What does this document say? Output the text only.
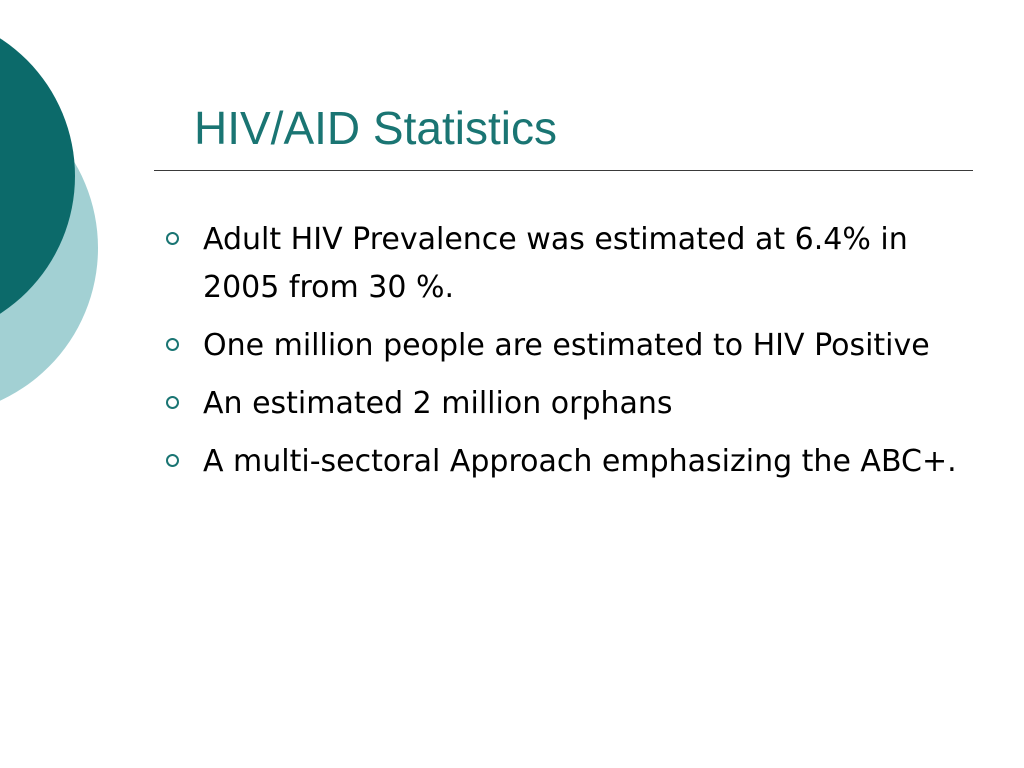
HIV/AID Statistics
Adult HIV Prevalence was estimated at 6.4% in 2005 from 30 %.
One million people are estimated to HIV Positive
An estimated 2 million orphans
A multi-sectoral Approach emphasizing the ABC+.
